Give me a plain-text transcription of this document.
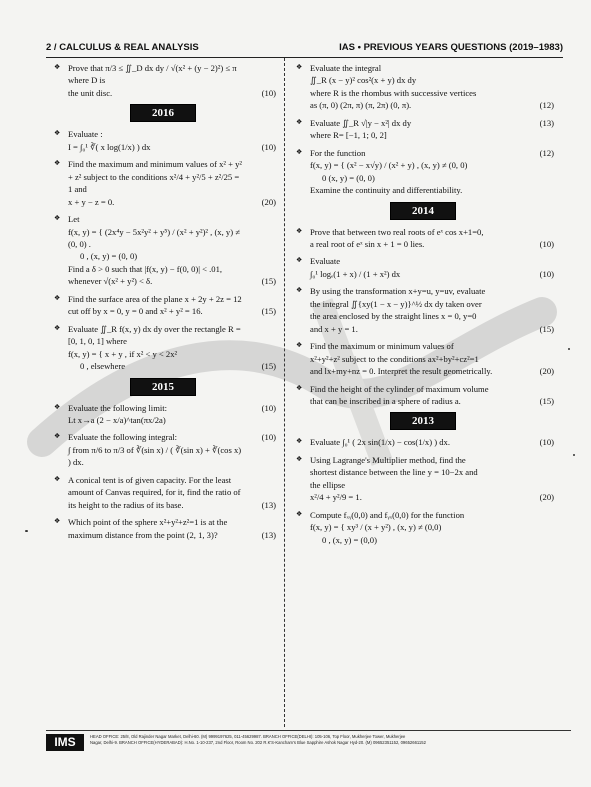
2 / CALCULUS & REAL ANALYSIS	IAS • PREVIOUS YEARS QUESTIONS (2019–1983)
❖ Prove that π/3 ≤ ∬_D dx dy / √(x² + (y − 2)²) ≤ π where D is
the unit disc.	(10)
2016
❖ Evaluate :
I = ∫₀¹ ∛( x log(1/x) ) dx	(10)
❖ Find the maximum and minimum values of x² + y²
+ z² subject to the conditions x²/4 + y²/5 + z²/25 = 1 and
x + y − z = 0.	(20)
❖ Let
f(x, y) = { (2x⁴y − 5x²y² + y⁵) / (x² + y²)² , (x, y) ≠ (0, 0) .
0 , (x, y) = (0, 0)
Find a δ > 0 such that |f(x, y) − f(0, 0)| < .01,
whenever √(x² + y²) < δ.	(15)
❖ Find the surface area of the plane x + 2y + 2z = 12
cut off by x = 0, y = 0 and x² + y² = 16.	(15)
❖ Evaluate ∬_R f(x, y) dx dy over the rectangle R =
[0, 1, 0, 1] where
f(x, y) = { x + y , if x² < y < 2x²
0 , elsewhere	(15)
2015
❖ Evaluate the following limit:
Lt x→a (2 − x/a)^tan(πx/2a)
(10)
❖ Evaluate the following integral:
∫ from π/6 to π/3 of ∛(sin x) / ( ∛(sin x) + ∛(cos x) ) dx.
(10)
❖ A conical tent is of given capacity. For the least
amount of Canvas required, for it, find the ratio of
its height to the radius of its base.	(13)
❖ Which point of the sphere x²+y²+z²=1 is at the
maximum distance from the point (2, 1, 3)?	(13)
❖ Evaluate the integral
∬_R (x − y)² cos²(x + y) dx dy
where R is the rhombus with successive vertices
as (π, 0) (2π, π) (π, 2π) (0, π).	(12)
❖ Evaluate ∬_R √|y − x²| dx dy
where R= [−1, 1; 0, 2]
(13)
❖ For the function
f(x, y) = { (x² − x√y) / (x² + y) , (x, y) ≠ (0, 0)
0 (x, y) = (0, 0)
Examine the continuity and differentiability.
(12)
2014
❖ Prove that between two real roots of eˣ cos x+1=0,
a real root of eˣ sin x + 1 = 0 lies.	(10)
❖ Evaluate
∫₀¹ logₑ(1 + x) / (1 + x²) dx	(10)
❖ By using the transformation x+y=u, y=uv, evaluate
the integral ∬{xy(1 − x − y)}^½ dx dy taken over
the area enclosed by the straight lines x = 0, y=0
and x + y = 1.	(15)
❖ Find the maximum or minimum values of
x²+y²+z² subject to the conditions ax²+by²+cz²=1
and lx+my+nz = 0. Interpret the result geometrically.	(20)
❖ Find the height of the cylinder of maximum volume
that can be inscribed in a sphere of radius a.	(15)
2013
❖ Evaluate ∫₀¹ ( 2x sin(1/x) − cos(1/x) ) dx.	(10)
❖ Using Lagrange's Multiplier method, find the
shortest distance between the line y = 10−2x and
the ellipse
x²/4 + y²/9 = 1.	(20)
❖ Compute fₓᵧ(0,0) and fᵧₓ(0,0) for the function
f(x, y) = { xy³ / (x + y²) , (x, y) ≠ (0,0)
0 , (x, y) = (0,0)
IMS	HEAD OFFICE: 25/8, Old Rajinder Nagar Market, Delhi-60. (M) 9999197625, 011-45629987. BRANCH OFFICE(DELHI): 105-106, Top Floor, Mukherjee Tower, Mukherjee
Nagar, Delhi-9. BRANCH OFFICE(HYDERABAD): H.No. 1-10-237, 2nd Floor, Room No. 202 R.K'S-Kancham's Blue Sapphire Ashok Nagar Hyd-20. (M) 09652351152, 09652661152
